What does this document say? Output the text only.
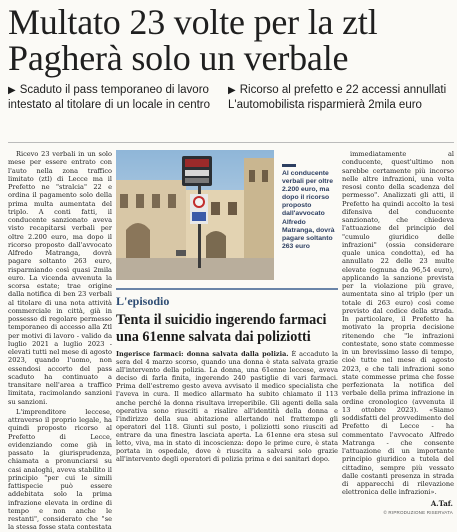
Multato 23 volte per la ztl
Pagherà solo un verbale
▶ Scaduto il pass temporaneo di lavoro intestato al titolare di un locale in centro
▶ Ricorso al prefetto e 22 accessi annullati L'automobilista risparmierà 2mila euro

Ricevo 23 verbali in un solo mese per essere entrato con l'auto nella zona traffico limitato (ztl) di Lecce ma il Prefetto ne "stralcia" 22 e ordina il pagamento solo della prima multa aumentata del triplo. A conti fatti, il conducente sanzionato aveva visto recapitarsi verbali per oltre 2.200 euro, ma dopo il ricorso proposto dall'avvocato Alfredo Matranga, dovrà pagare soltanto 263 euro, risparmiando così quasi 2mila euro. La vicenda avvenuta la scorsa estate; trae origine dalla notifica di ben 23 verbali al titolare di una nota attività commerciale in città, già in possesso di regolare permesso temporaneo di accesso alla Ztl per motivi di lavoro - valido da luglio 2021 a luglio 2023 - elevati tutti nel mese di agosto 2023, quando l'uomo, non essendosi accorto del pass scaduto ha continuato a transitare nell'area a traffico limitata, racimolando sanzioni su sanzioni.

L'imprenditore leccese, attraverso il proprio legale, ha quindi proposto ricorso al Prefetto di Lecce, evidenziando come già in passato la giurisprudenza, chiamata a pronunciarsi su casi analoghi, aveva stabilito il principio "per cui le simili fattispecie può essere addebitata solo la prima infrazione elevata in ordine di tempo e non anche le restanti", considerato che "se la stessa fosse stata contestata

Al conducente verbali per oltre 2.200 euro, ma dopo il ricorso proposto dall'avvocato Alfredo Matranga, dovrà pagare soltanto 263 euro
L'episodio
Tenta il suicidio ingerendo farmaci una 61enne salvata dai poliziotti

Ingerisce farmaci: donna salvata dalla polizia. È accaduto la sera del 4 marzo scorso, quando una donna è stata salvata grazie all'intervento della polizia. La donna, una 61enne leccese, aveva deciso di farla finita, ingerendo 240 pastiglie di vari farmaci. Prima dell'estremo gesto aveva avvisato il medico specialista che l'aveva in cura. Il medico allarmato ha subito chiamato il 113 anche perché la donna risultava irreperibile. Gli agenti della sala operativa sono riusciti a risalire all'identità della donna e l'indirizzo della sua abitazione allertando nel frattempo gli operatori del 118. Giunti sul posto, i poliziotti sono riusciti ad entrare da una finestra lasciata aperta. La 61enne era stesa sul letto, viva, ma in stato di incoscienza: dopo le prime cure, è stata portata in ospedale, dove è riuscita a salvarsi solo grazie all'intervento degli operatori di polizia prima e dei sanitari dopo.

immediatamente al conducente, quest'ultimo non sarebbe certamente più incorso nelle altre infrazioni, una volta resosi conto della scadenza del permesso". Analizzati gli atti, il Prefetto ha quindi accolto la tesi difensiva del conducente sanzionato, che chiedeva l'attuazione del principio del "cumulo giuridico delle infrazioni" (ossia considerare quale unica condotta), ed ha annullato 22 delle 23 multe elevate (ognuna da 96,54 euro), applicando la sanzione prevista per la violazione più grave, aumentata sino al triplo (per un totale di 263 euro) così come previsto dal codice della strada. In particolare, il Prefetto ha motivato la propria decisione ritenendo che "le infrazioni contestate, sono state commesse in un brevissimo lasso di tempo, cioè tutte nel mese di agosto 2023, e che tali infrazioni sono state commesse prima che fosse perfezionata la notifica del verbale della prima infrazione in ordine cronologico (avvenuta il 13 ottobre 2023). «Siamo soddisfatti del provvedimento del Prefetto di Lecce - ha commentato l'avvocato Alfredo Matranga - che consente l'attuazione di un importante principio giuridico a tutela del cittadino, sempre più vessato dalle costanti presenza in strada di apparecchi di rilevazione elettronica delle infrazioni».

A.Taf.
© RIPRODUZIONE RISERVATA
